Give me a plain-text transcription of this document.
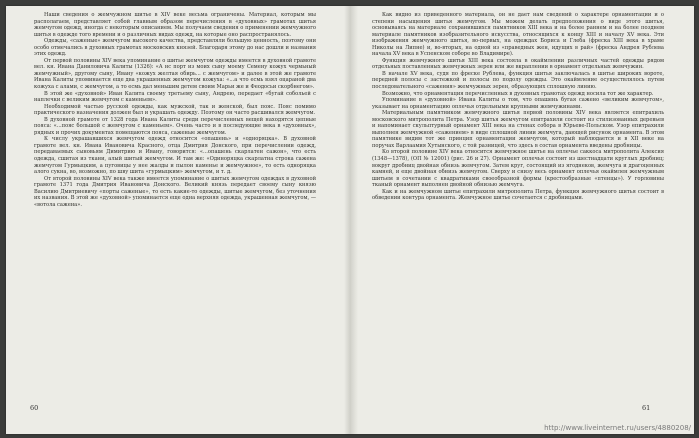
Наши сведения о жемчужном шитье в XIV веке весьма ограничены. Материал, которым мы располагаем, представляет собой главным образом перечисления в «духовных» грамотах шитья жемчугом одежд, иногда с некоторым описанием. Мы получаем сведения о применении жемчужного шитья в одежде того времени и о различных видах одежд, на которые оно распространялось.

Одежды, «саженые» жемчугом высокого качества, представляли большую ценность, поэтому они особо отмечались в духовных грамотах московских князей. Благодаря этому до нас дошли и названия этих одежд.

От первой половины XIV века упоминание о шитье жемчугом одежды имеется в духовной грамоте вел. кн. Ивана Даниловича Калиты (1326): «А нс порт из моих сыну моему Семену кожух чермьный жемчужный», другому сыну, Ивану «кожух желтая обирь... с жемчугом» и далее в этой же грамоте Ивана Калиты упоминается еще два украшенных жемчугом кожуха: «...а что есмь взял оцараной два кожуха с алами, с жемчугом, а то есмь дал меньшим детем своим Марьи же и Феодосьи скорбнегом».

В этой же «духовной» Иван Калита своему третьему сыну, Андрею, передает «бугай собольей с наплечки с великим жемчугом с каменьем».

Необходимой частью русской одежды, как мужской, так и женской, был пояс. Пояс помимо практического назначения должен был и украшать одежду. Поэтому он часто расшивался жемчугом.

В духовной грамоте от 1328 года Ивана Калиты среди перечисленных вещей находятся цепные пояса: «...пояс большой с жемчугом с каменьем». Очень часто и в последующие века в «духовных», рядных и прочих документах помещаются пояса, саженые жемчугом.

К числу украшавшихся жемчугом одежд относится «опашень» и «одноряцка». В духовной грамоте вел. кн. Ивана Ивановича Красного, отца Дмитрия Донского, при перечислении одежд, передаваемых сыновьям Димитрию и Ивану, говорится: «...опашень скарлатен сажон», что есть одежда, сшитая из ткани, алый шитый жемчугом. И там же: «Одиноряцка скарлатна строка сажена жемчугом Гурмыцким, а пуговицы у нее жалды и пылон каменье и жемчужное», то есть одноряцка алого сукна, во, возможно, по шву шита «гурмыцким» жемчугом, и т. д.

От второй половины XIV века также имеется упоминание о шитых жемчугом одеждах в духовной грамоте 1371 года Дмитрия Ивановича Донского. Великий князь передает своему сыну князю Василию Дмитриевичу «порты саженые», то есть какие-то одежды, шитые жемчугом, без уточнения их названия. В этой же «духовной» упоминается еще одна верхняя одежда, украшенная жемчугом, — «вотола сажена».

Как видно из приведенного материала, он не дает нам сведений о характере орнаментации и о степени насыщения шитья жемчугом. Мы можем делать предположения о виде этого шитья, основываясь на материале сохранившихся памятников XIII века и на более раннем и на более позднем материале памятников изобразительного искусства, относящихся к концу XIII и началу XV века. Эти изображения жемчужного шитья, во-первых, на одеждах Бориса и Глеба (фреска XIII века в храме Николы на Липне) и, во-вторых, на одной из «праведных жен, идущих в рай» (фреска Андрея Рублева начала XV века в Успенском соборе во Владимире).

Функция жемчужного шитья XIII века состояла в окаймлении различных частей одежды рядом отдельных поставленных жемчужных зерен или же вкраплении в орнамент отдельных жемчужин.

В начале XV века, судя по фреске Рублева, функция шитья заключалась в шитье широких вороте, передней полосы с застежкой и полосы по подолу одежды. Это окаймление осуществлялось путем последовательного «сажения» жемчужных зерен, образующих сплошную линию.

Возможно, что орнаментация перечисленных в духовных грамотах одежд носила тот же характер.

Упоминание в «духовной» Ивана Калиты о том, что опашень бугая сажено «великим жемчугом», указывает на орнаментацию оплечья отдельными крупными жемчужинами.

Материальным памятником жемчужного шитья первой половины XIV века является епитрахиль московского митрополита Петра. Узор шитья жемчугом епитрахили состоит из стилизованных деревьев и напоминает скульптурный орнамент XIII века на стенах собора в Юрьеве-Польском. Узор епитрахили выполнен жемчужной «сажением» в виде сплошной линии жемчуга, дающей рисунок орнамента. В этом памятнике видим тот же принцип орнаментации жемчугом, который наблюдается и в XII веке на поручах Варлаамия Хутынского, с той разницей, что здесь в состав орнамента введены дробницы.

Ко второй половине XIV века относится жемчужное шитье на оплечье саккоса митрополита Алексия (1348—1378), (ОП № 12001) (рис. 26 и 27). Орнамент оплечья состоит из шестнадцати круглых дробниц; вокруг дробниц двойная обнизь жемчугом. Затем круг, состоящий из ягоднеков, жемчуга и драгоценных камней, и еще двойная обнизь жемчугом. Сверху и снизу весь орнамент оплечья окаймлен жемчужным шитьем в сочетании с квадратиками своеобразной формы (крестообразные «птенцы»). У горловины тканый орнамент выполнен двойной обнизью жемчуга.

Как и на жемчужном шитье епитрахили митрополита Петра, функция жемчужного шитья состоит в обведении контура орнамента. Жемчужное шитье сочетается с дробницами.

60	61
http://www.liveinternet.ru/users/4880208/
